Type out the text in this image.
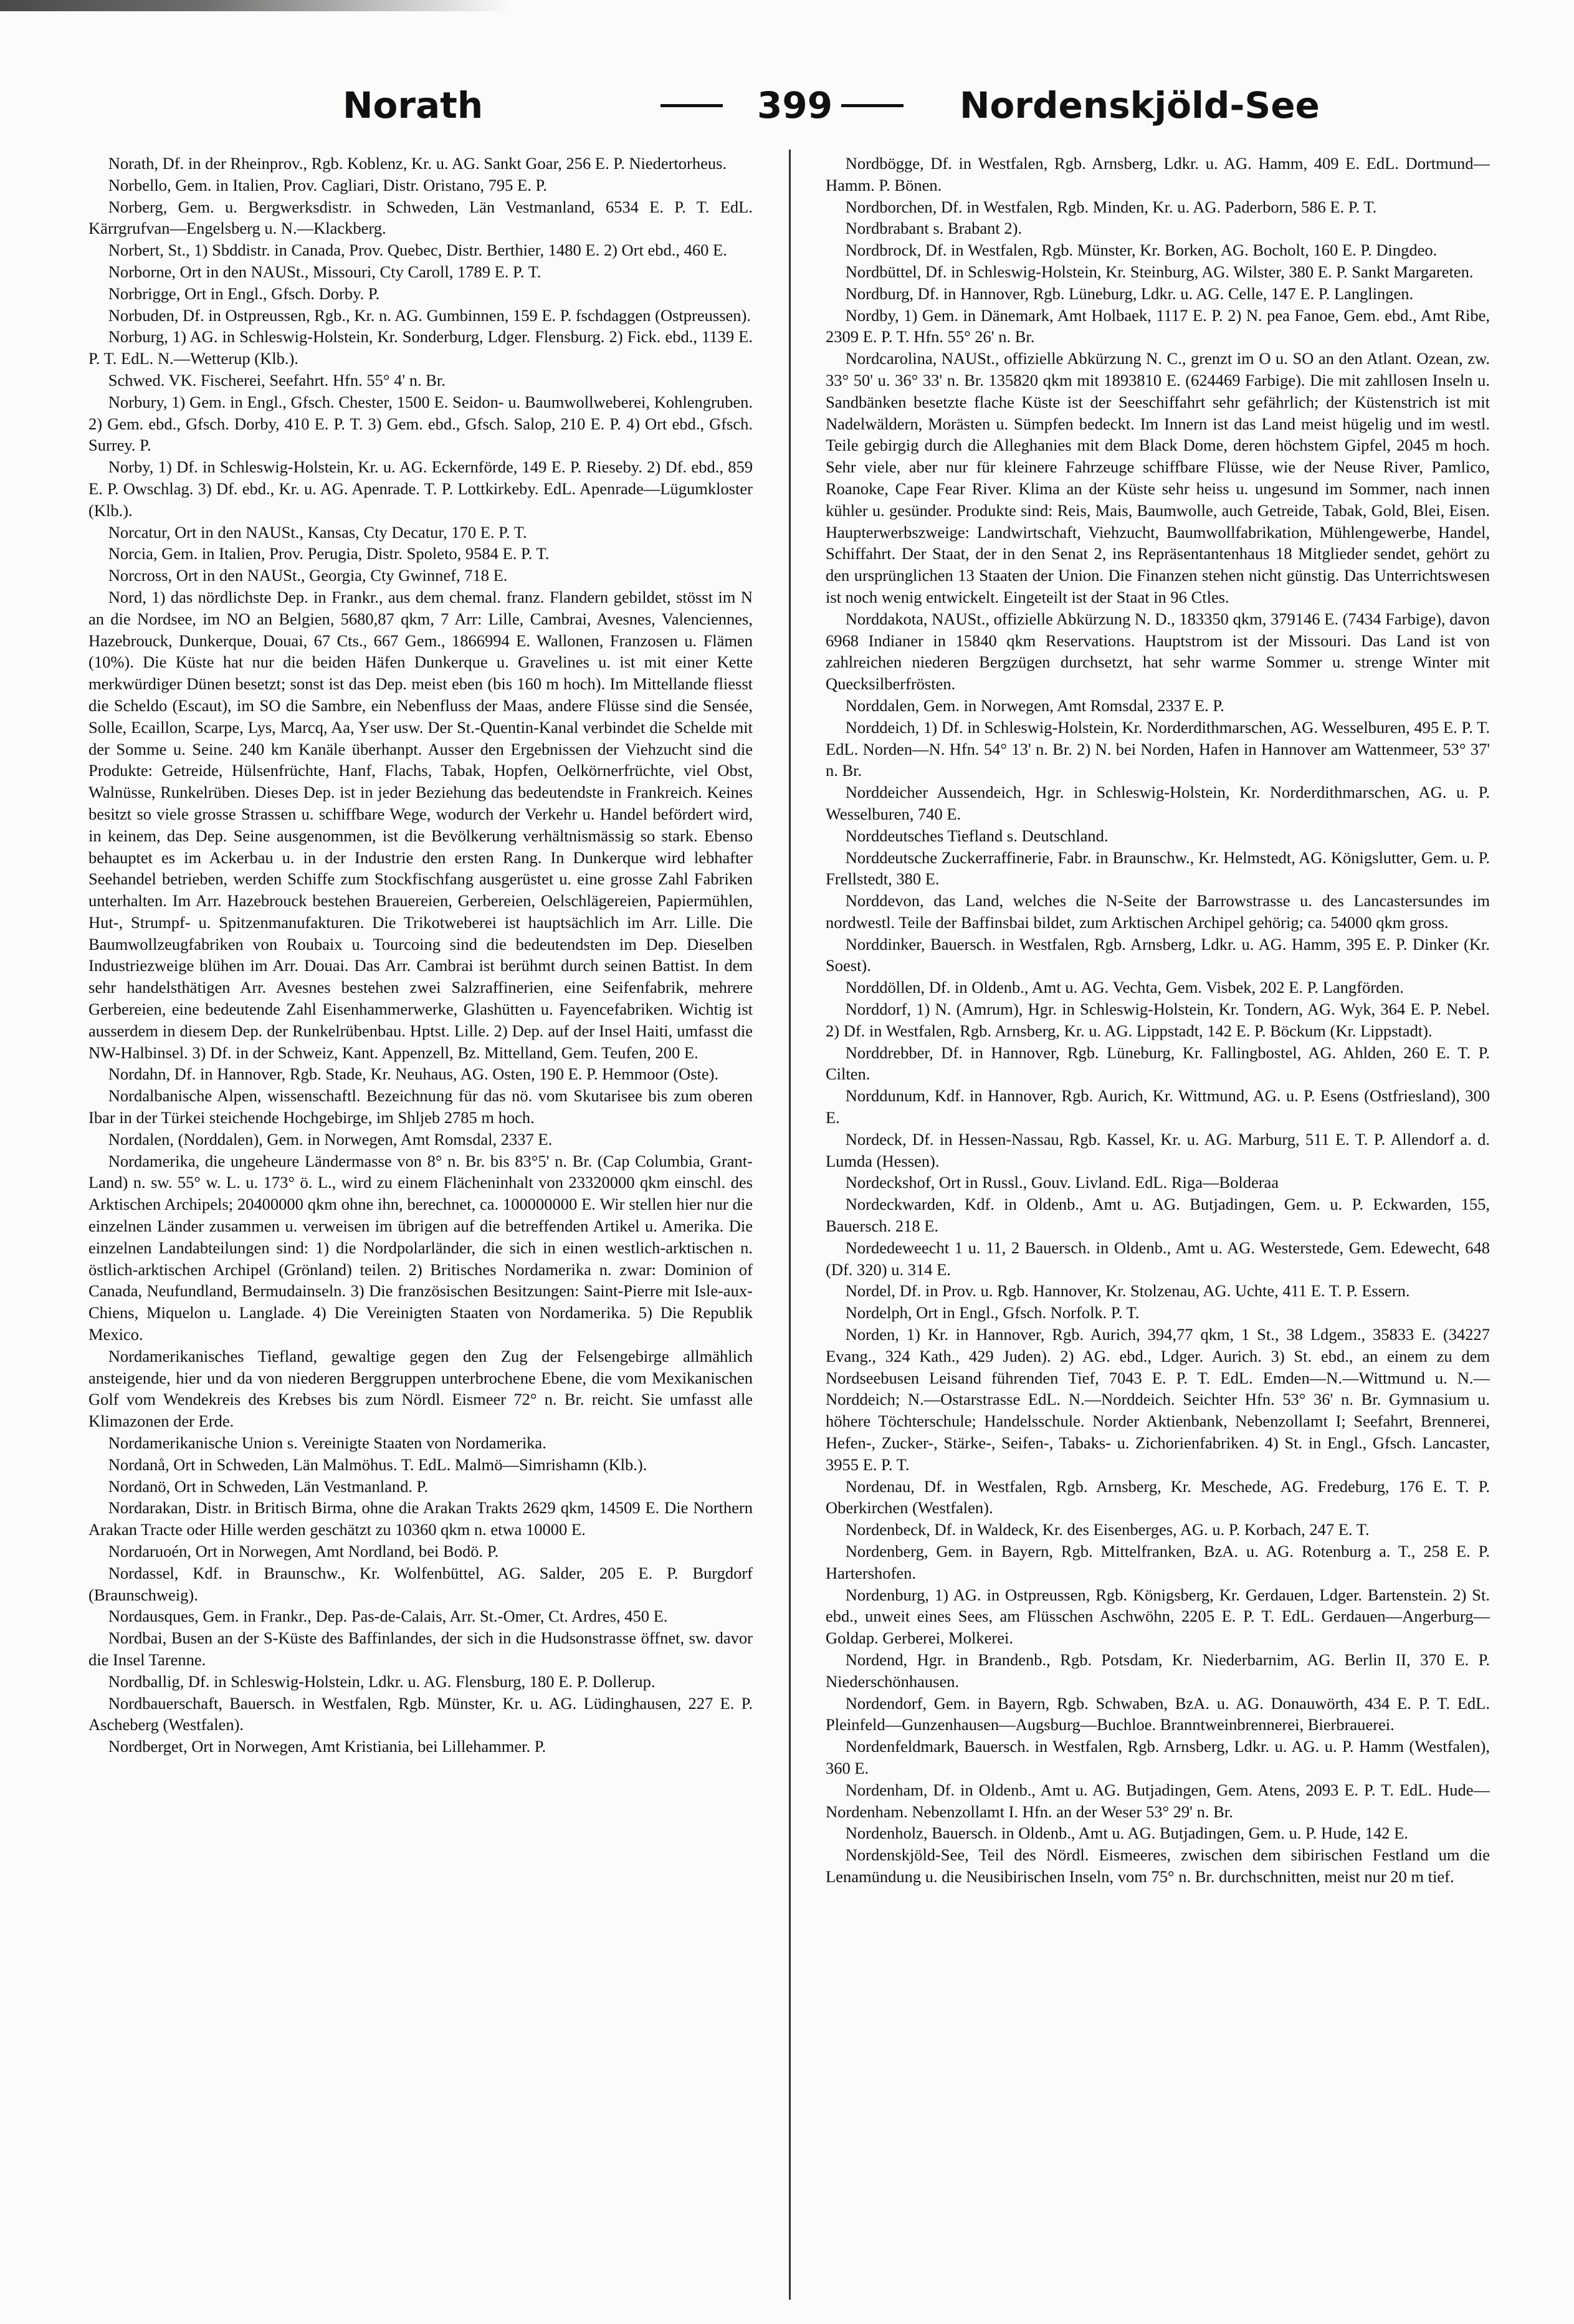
Norath	399	Nordenskjöld-See

Norath, Df. in der Rheinprov., Rgb. Koblenz, Kr. u. AG. Sankt Goar, 256 E. P. Niedertorheus.

Norbello, Gem. in Italien, Prov. Cagliari, Distr. Oristano, 795 E. P.

Norberg, Gem. u. Bergwerksdistr. in Schweden, Län Vestmanland, 6534 E. P. T. EdL. Kärrgrufvan—Engelsberg u. N.—Klackberg.

Norbert, St., 1) Sbddistr. in Canada, Prov. Quebec, Distr. Berthier, 1480 E. 2) Ort ebd., 460 E.

Norborne, Ort in den NAUSt., Missouri, Cty Caroll, 1789 E. P. T.

Norbrigge, Ort in Engl., Gfsch. Dorby. P.

Norbuden, Df. in Ostpreussen, Rgb., Kr. n. AG. Gumbinnen, 159 E. P. fschdaggen (Ostpreussen).

Norburg, 1) AG. in Schleswig-Holstein, Kr. Sonderburg, Ldger. Flensburg. 2) Fick. ebd., 1139 E. P. T. EdL. N.—Wetterup (Klb.).

Schwed. VK. Fischerei, Seefahrt. Hfn. 55° 4' n. Br.

Norbury, 1) Gem. in Engl., Gfsch. Chester, 1500 E. Seidon- u. Baumwollweberei, Kohlengruben. 2) Gem. ebd., Gfsch. Dorby, 410 E. P. T. 3) Gem. ebd., Gfsch. Salop, 210 E. P. 4) Ort ebd., Gfsch. Surrey. P.

Norby, 1) Df. in Schleswig-Holstein, Kr. u. AG. Eckernförde, 149 E. P. Rieseby. 2) Df. ebd., 859 E. P. Owschlag. 3) Df. ebd., Kr. u. AG. Apenrade. T. P. Lottkirkeby. EdL. Apenrade—Lügumkloster (Klb.).

Norcatur, Ort in den NAUSt., Kansas, Cty Decatur, 170 E. P. T.

Norcia, Gem. in Italien, Prov. Perugia, Distr. Spoleto, 9584 E. P. T.

Norcross, Ort in den NAUSt., Georgia, Cty Gwinnef, 718 E.

Nord, 1) das nördlichste Dep. in Frankr., aus dem chemal. franz. Flandern gebildet, stösst im N an die Nordsee, im NO an Belgien, 5680,87 qkm, 7 Arr: Lille, Cambrai, Avesnes, Valenciennes, Hazebrouck, Dunkerque, Douai, 67 Cts., 667 Gem., 1866994 E. Wallonen, Franzosen u. Flämen (10%). Die Küste hat nur die beiden Häfen Dunkerque u. Gravelines u. ist mit einer Kette merkwürdiger Dünen besetzt; sonst ist das Dep. meist eben (bis 160 m hoch). Im Mittellande fliesst die Scheldo (Escaut), im SO die Sambre, ein Nebenfluss der Maas, andere Flüsse sind die Sensée, Solle, Ecaillon, Scarpe, Lys, Marcq, Aa, Yser usw. Der St.-Quentin-Kanal verbindet die Schelde mit der Somme u. Seine. 240 km Kanäle überhanpt. Ausser den Ergebnissen der Viehzucht sind die Produkte: Getreide, Hülsenfrüchte, Hanf, Flachs, Tabak, Hopfen, Oelkörnerfrüchte, viel Obst, Walnüsse, Runkelrüben. Dieses Dep. ist in jeder Beziehung das bedeutendste in Frankreich. Keines besitzt so viele grosse Strassen u. schiffbare Wege, wodurch der Verkehr u. Handel befördert wird, in keinem, das Dep. Seine ausgenommen, ist die Bevölkerung verhältnismässig so stark. Ebenso behauptet es im Ackerbau u. in der Industrie den ersten Rang. In Dunkerque wird lebhafter Seehandel betrieben, werden Schiffe zum Stockfischfang ausgerüstet u. eine grosse Zahl Fabriken unterhalten. Im Arr. Hazebrouck bestehen Brauereien, Gerbereien, Oelschlägereien, Papiermühlen, Hut-, Strumpf- u. Spitzenmanufakturen. Die Trikotweberei ist hauptsächlich im Arr. Lille. Die Baumwollzeugfabriken von Roubaix u. Tourcoing sind die bedeutendsten im Dep. Dieselben Industriezweige blühen im Arr. Douai. Das Arr. Cambrai ist berühmt durch seinen Battist. In dem sehr handelsthätigen Arr. Avesnes bestehen zwei Salzraffinerien, eine Seifenfabrik, mehrere Gerbereien, eine bedeutende Zahl Eisenhammerwerke, Glashütten u. Fayencefabriken. Wichtig ist ausserdem in diesem Dep. der Runkelrübenbau. Hptst. Lille. 2) Dep. auf der Insel Haiti, umfasst die NW-Halbinsel. 3) Df. in der Schweiz, Kant. Appenzell, Bz. Mittelland, Gem. Teufen, 200 E.

Nordahn, Df. in Hannover, Rgb. Stade, Kr. Neuhaus, AG. Osten, 190 E. P. Hemmoor (Oste).

Nordalbanische Alpen, wissenschaftl. Bezeichnung für das nö. vom Skutarisee bis zum oberen Ibar in der Türkei steichende Hochgebirge, im Shljeb 2785 m hoch.

Nordalen, (Norddalen), Gem. in Norwegen, Amt Romsdal, 2337 E.

Nordamerika, die ungeheure Ländermasse von 8° n. Br. bis 83°5' n. Br. (Cap Columbia, Grant-Land) n. sw. 55° w. L. u. 173° ö. L., wird zu einem Flächeninhalt von 23320000 qkm einschl. des Arktischen Archipels; 20400000 qkm ohne ihn, berechnet, ca. 100000000 E. Wir stellen hier nur die einzelnen Länder zusammen u. verweisen im übrigen auf die betreffenden Artikel u. Amerika. Die einzelnen Landabteilungen sind: 1) die Nordpolarländer, die sich in einen westlich-arktischen n. östlich-arktischen Archipel (Grönland) teilen. 2) Britisches Nordamerika n. zwar: Dominion of Canada, Neufundland, Bermudainseln. 3) Die französischen Besitzungen: Saint-Pierre mit Isle-aux-Chiens, Miquelon u. Langlade. 4) Die Vereinigten Staaten von Nordamerika. 5) Die Republik Mexico.

Nordamerikanisches Tiefland, gewaltige gegen den Zug der Felsengebirge allmählich ansteigende, hier und da von niederen Berggruppen unterbrochene Ebene, die vom Mexikanischen Golf vom Wendekreis des Krebses bis zum Nördl. Eismeer 72° n. Br. reicht. Sie umfasst alle Klimazonen der Erde.

Nordamerikanische Union s. Vereinigte Staaten von Nordamerika.

Nordanå, Ort in Schweden, Län Malmöhus. T. EdL. Malmö—Simrishamn (Klb.).

Nordanö, Ort in Schweden, Län Vestmanland. P.

Nordarakan, Distr. in Britisch Birma, ohne die Arakan Trakts 2629 qkm, 14509 E. Die Northern Arakan Tracte oder Hille werden geschätzt zu 10360 qkm n. etwa 10000 E.

Nordaruoén, Ort in Norwegen, Amt Nordland, bei Bodö. P.

Nordassel, Kdf. in Braunschw., Kr. Wolfenbüttel, AG. Salder, 205 E. P. Burgdorf (Braunschweig).

Nordausques, Gem. in Frankr., Dep. Pas-de-Calais, Arr. St.-Omer, Ct. Ardres, 450 E.

Nordbai, Busen an der S-Küste des Baffinlandes, der sich in die Hudsonstrasse öffnet, sw. davor die Insel Tarenne.

Nordballig, Df. in Schleswig-Holstein, Ldkr. u. AG. Flensburg, 180 E. P. Dollerup.

Nordbauerschaft, Bauersch. in Westfalen, Rgb. Münster, Kr. u. AG. Lüdinghausen, 227 E. P. Ascheberg (Westfalen).

Nordberget, Ort in Norwegen, Amt Kristiania, bei Lillehammer. P.

Nordbögge, Df. in Westfalen, Rgb. Arnsberg, Ldkr. u. AG. Hamm, 409 E. EdL. Dortmund—Hamm. P. Bönen.

Nordborchen, Df. in Westfalen, Rgb. Minden, Kr. u. AG. Paderborn, 586 E. P. T.

Nordbrabant s. Brabant 2).

Nordbrock, Df. in Westfalen, Rgb. Münster, Kr. Borken, AG. Bocholt, 160 E. P. Dingdeo.

Nordbüttel, Df. in Schleswig-Holstein, Kr. Steinburg, AG. Wilster, 380 E. P. Sankt Margareten.

Nordburg, Df. in Hannover, Rgb. Lüneburg, Ldkr. u. AG. Celle, 147 E. P. Langlingen.

Nordby, 1) Gem. in Dänemark, Amt Holbaek, 1117 E. P. 2) N. pea Fanoe, Gem. ebd., Amt Ribe, 2309 E. P. T. Hfn. 55° 26' n. Br.

Nordcarolina, NAUSt., offizielle Abkürzung N. C., grenzt im O u. SO an den Atlant. Ozean, zw. 33° 50' u. 36° 33' n. Br. 135820 qkm mit 1893810 E. (624469 Farbige). Die mit zahllosen Inseln u. Sandbänken besetzte flache Küste ist der Seeschiffahrt sehr gefährlich; der Küstenstrich ist mit Nadelwäldern, Morästen u. Sümpfen bedeckt. Im Innern ist das Land meist hügelig und im westl. Teile gebirgig durch die Alleghanies mit dem Black Dome, deren höchstem Gipfel, 2045 m hoch. Sehr viele, aber nur für kleinere Fahrzeuge schiffbare Flüsse, wie der Neuse River, Pamlico, Roanoke, Cape Fear River. Klima an der Küste sehr heiss u. ungesund im Sommer, nach innen kühler u. gesünder. Produkte sind: Reis, Mais, Baumwolle, auch Getreide, Tabak, Gold, Blei, Eisen. Haupterwerbszweige: Landwirtschaft, Viehzucht, Baumwollfabrikation, Mühlengewerbe, Handel, Schiffahrt. Der Staat, der in den Senat 2, ins Repräsentantenhaus 18 Mitglieder sendet, gehört zu den ursprünglichen 13 Staaten der Union. Die Finanzen stehen nicht günstig. Das Unterrichtswesen ist noch wenig entwickelt. Eingeteilt ist der Staat in 96 Ctles.

Norddakota, NAUSt., offizielle Abkürzung N. D., 183350 qkm, 379146 E. (7434 Farbige), davon 6968 Indianer in 15840 qkm Reservations. Hauptstrom ist der Missouri. Das Land ist von zahlreichen niederen Bergzügen durchsetzt, hat sehr warme Sommer u. strenge Winter mit Quecksilberfrösten.

Norddalen, Gem. in Norwegen, Amt Romsdal, 2337 E. P.

Norddeich, 1) Df. in Schleswig-Holstein, Kr. Norderdithmarschen, AG. Wesselburen, 495 E. P. T. EdL. Norden—N. Hfn. 54° 13' n. Br. 2) N. bei Norden, Hafen in Hannover am Wattenmeer, 53° 37' n. Br.

Norddeicher Aussendeich, Hgr. in Schleswig-Holstein, Kr. Norderdithmarschen, AG. u. P. Wesselburen, 740 E.

Norddeutsches Tiefland s. Deutschland.

Norddeutsche Zuckerraffinerie, Fabr. in Braunschw., Kr. Helmstedt, AG. Königslutter, Gem. u. P. Frellstedt, 380 E.

Norddevon, das Land, welches die N-Seite der Barrowstrasse u. des Lancastersundes im nordwestl. Teile der Baffinsbai bildet, zum Arktischen Archipel gehörig; ca. 54000 qkm gross.

Norddinker, Bauersch. in Westfalen, Rgb. Arnsberg, Ldkr. u. AG. Hamm, 395 E. P. Dinker (Kr. Soest).

Norddöllen, Df. in Oldenb., Amt u. AG. Vechta, Gem. Visbek, 202 E. P. Langförden.

Norddorf, 1) N. (Amrum), Hgr. in Schleswig-Holstein, Kr. Tondern, AG. Wyk, 364 E. P. Nebel. 2) Df. in Westfalen, Rgb. Arnsberg, Kr. u. AG. Lippstadt, 142 E. P. Böckum (Kr. Lippstadt).

Norddrebber, Df. in Hannover, Rgb. Lüneburg, Kr. Fallingbostel, AG. Ahlden, 260 E. T. P. Cilten.

Norddunum, Kdf. in Hannover, Rgb. Aurich, Kr. Wittmund, AG. u. P. Esens (Ostfriesland), 300 E.

Nordeck, Df. in Hessen-Nassau, Rgb. Kassel, Kr. u. AG. Marburg, 511 E. T. P. Allendorf a. d. Lumda (Hessen).

Nordeckshof, Ort in Russl., Gouv. Livland. EdL. Riga—Bolderaa

Nordeckwarden, Kdf. in Oldenb., Amt u. AG. Butjadingen, Gem. u. P. Eckwarden, 155, Bauersch. 218 E.

Nordedeweecht 1 u. 11, 2 Bauersch. in Oldenb., Amt u. AG. Westerstede, Gem. Edewecht, 648 (Df. 320) u. 314 E.

Nordel, Df. in Prov. u. Rgb. Hannover, Kr. Stolzenau, AG. Uchte, 411 E. T. P. Essern.

Nordelph, Ort in Engl., Gfsch. Norfolk. P. T.

Norden, 1) Kr. in Hannover, Rgb. Aurich, 394,77 qkm, 1 St., 38 Ldgem., 35833 E. (34227 Evang., 324 Kath., 429 Juden). 2) AG. ebd., Ldger. Aurich. 3) St. ebd., an einem zu dem Nordseebusen Leisand führenden Tief, 7043 E. P. T. EdL. Emden—N.—Wittmund u. N.—Norddeich; N.—Ostarstrasse EdL. N.—Norddeich. Seichter Hfn. 53° 36' n. Br. Gymnasium u. höhere Töchterschule; Handelsschule. Norder Aktienbank, Nebenzollamt I; Seefahrt, Brennerei, Hefen-, Zucker-, Stärke-, Seifen-, Tabaks- u. Zichorienfabriken. 4) St. in Engl., Gfsch. Lancaster, 3955 E. P. T.

Nordenau, Df. in Westfalen, Rgb. Arnsberg, Kr. Meschede, AG. Fredeburg, 176 E. T. P. Oberkirchen (Westfalen).

Nordenbeck, Df. in Waldeck, Kr. des Eisenberges, AG. u. P. Korbach, 247 E. T.

Nordenberg, Gem. in Bayern, Rgb. Mittelfranken, BzA. u. AG. Rotenburg a. T., 258 E. P. Hartershofen.

Nordenburg, 1) AG. in Ostpreussen, Rgb. Königsberg, Kr. Gerdauen, Ldger. Bartenstein. 2) St. ebd., unweit eines Sees, am Flüsschen Aschwöhn, 2205 E. P. T. EdL. Gerdauen—Angerburg—Goldap. Gerberei, Molkerei.

Nordend, Hgr. in Brandenb., Rgb. Potsdam, Kr. Niederbarnim, AG. Berlin II, 370 E. P. Niederschönhausen.

Nordendorf, Gem. in Bayern, Rgb. Schwaben, BzA. u. AG. Donauwörth, 434 E. P. T. EdL. Pleinfeld—Gunzenhausen—Augsburg—Buchloe. Branntweinbrennerei, Bierbrauerei.

Nordenfeldmark, Bauersch. in Westfalen, Rgb. Arnsberg, Ldkr. u. AG. u. P. Hamm (Westfalen), 360 E.

Nordenham, Df. in Oldenb., Amt u. AG. Butjadingen, Gem. Atens, 2093 E. P. T. EdL. Hude—Nordenham. Nebenzollamt I. Hfn. an der Weser 53° 29' n. Br.

Nordenholz, Bauersch. in Oldenb., Amt u. AG. Butjadingen, Gem. u. P. Hude, 142 E.

Nordenskjöld-See, Teil des Nördl. Eismeeres, zwischen dem sibirischen Festland um die Lenamündung u. die Neusibirischen Inseln, vom 75° n. Br. durchschnitten, meist nur 20 m tief.
